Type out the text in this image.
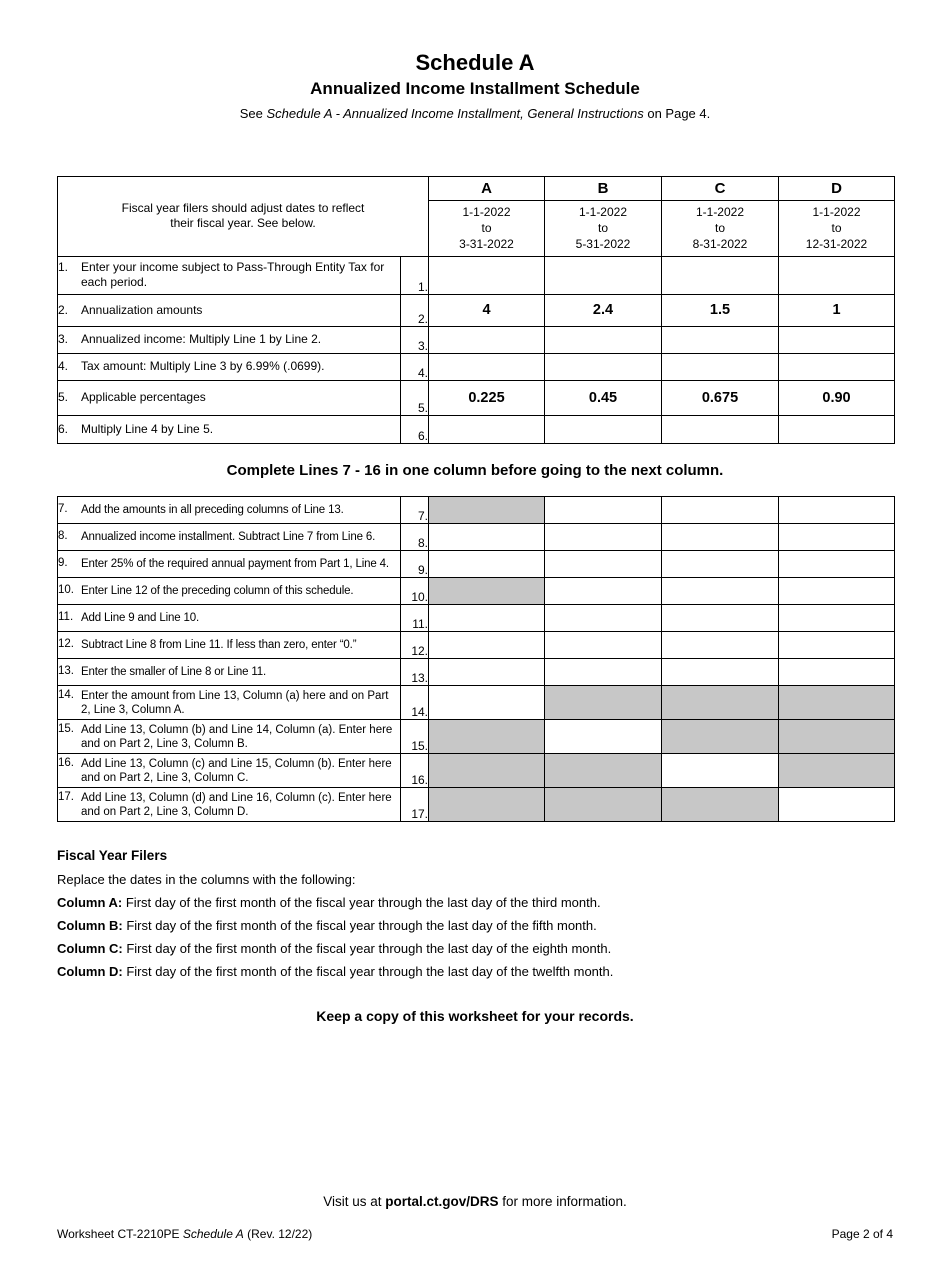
Schedule A
Annualized Income Installment Schedule
See Schedule A - Annualized Income Installment, General Instructions on Page 4.
Fiscal year filers should adjust dates to reflect their fiscal year. See below.		A	B	C	D

		1-1-2022
to
3-31-2022	1-1-2022
to
5-31-2022	1-1-2022
to
8-31-2022	1-1-2022
to
12-31-2022

1. Enter your income subject to Pass-Through Entity Tax for each period.	1.				

2. Annualization amounts	2.	4	2.4	1.5	1

3. Annualized income: Multiply Line 1 by Line 2.	3.				

4. Tax amount: Multiply Line 3 by 6.99% (.0699).	4.				

5. Applicable percentages	5.	0.225	0.45	0.675	0.90

6. Multiply Line 4 by Line 5.	6.				
Complete Lines 7 - 16 in one column before going to the next column.
7. Add the amounts in all preceding columns of Line 13.	7.				

8. Annualized income installment. Subtract Line 7 from Line 6.	8.				

9. Enter 25% of the required annual payment from Part 1, Line 4.	9.				

10. Enter Line 12 of the preceding column of this schedule.	10.				

11. Add Line 9 and Line 10.	11.				

12. Subtract Line 8 from Line 11. If less than zero, enter “0.”	12.				

13. Enter the smaller of Line 8 or Line 11.	13.				

14. Enter the amount from Line 13, Column (a) here and on Part 2, Line 3, Column A.	14.				

15. Add Line 13, Column (b) and Line 14, Column (a). Enter here and on Part 2, Line 3, Column B.	15.				

16. Add Line 13, Column (c) and Line 15, Column (b). Enter here and on Part 2, Line 3, Column C.	16.				

17. Add Line 13, Column (d) and Line 16, Column (c). Enter here and on Part 2, Line 3, Column D.	17.				
Fiscal Year Filers
Replace the dates in the columns with the following:
Column A: First day of the first month of the fiscal year through the last day of the third month.
Column B: First day of the first month of the fiscal year through the last day of the fifth month.
Column C: First day of the first month of the fiscal year through the last day of the eighth month.
Column D: First day of the first month of the fiscal year through the last day of the twelfth month.
Keep a copy of this worksheet for your records.
Visit us at portal.ct.gov/DRS for more information.
Worksheet CT-2210PE Schedule A (Rev. 12/22)	Page 2 of 4
